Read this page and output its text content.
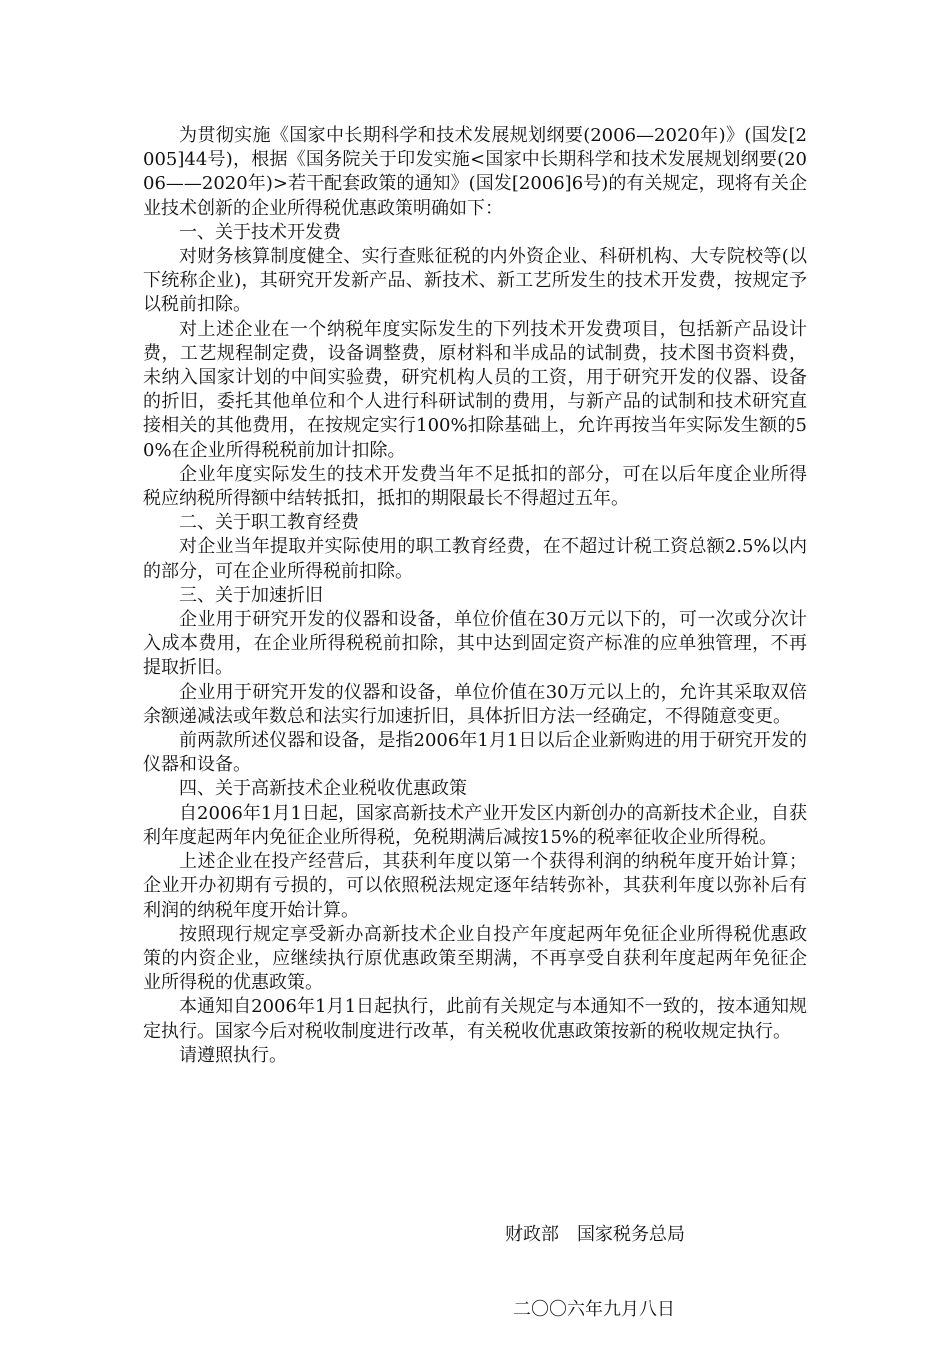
为贯彻实施《国家中长期科学和技术发展规划纲要(2006—2020年)》(国发[2005]44号)，根据《国务院关于印发实施<国家中长期科学和技术发展规划纲要(2006——2020年)>若干配套政策的通知》(国发[2006]6号)的有关规定，现将有关企业技术创新的企业所得税优惠政策明确如下：

一、关于技术开发费

对财务核算制度健全、实行查账征税的内外资企业、科研机构、大专院校等(以下统称企业)，其研究开发新产品、新技术、新工艺所发生的技术开发费，按规定予以税前扣除。

对上述企业在一个纳税年度实际发生的下列技术开发费项目，包括新产品设计费，工艺规程制定费，设备调整费，原材料和半成品的试制费，技术图书资料费，未纳入国家计划的中间实验费，研究机构人员的工资，用于研究开发的仪器、设备的折旧，委托其他单位和个人进行科研试制的费用，与新产品的试制和技术研究直接相关的其他费用，在按规定实行100%扣除基础上，允许再按当年实际发生额的50%在企业所得税税前加计扣除。

企业年度实际发生的技术开发费当年不足抵扣的部分，可在以后年度企业所得税应纳税所得额中结转抵扣，抵扣的期限最长不得超过五年。

二、关于职工教育经费

对企业当年提取并实际使用的职工教育经费，在不超过计税工资总额2.5%以内的部分，可在企业所得税前扣除。

三、关于加速折旧

企业用于研究开发的仪器和设备，单位价值在30万元以下的，可一次或分次计入成本费用，在企业所得税税前扣除，其中达到固定资产标准的应单独管理，不再提取折旧。

企业用于研究开发的仪器和设备，单位价值在30万元以上的，允许其采取双倍余额递减法或年数总和法实行加速折旧，具体折旧方法一经确定，不得随意变更。

前两款所述仪器和设备，是指2006年1月1日以后企业新购进的用于研究开发的仪器和设备。

四、关于高新技术企业税收优惠政策

自2006年1月1日起，国家高新技术产业开发区内新创办的高新技术企业，自获利年度起两年内免征企业所得税，免税期满后减按15%的税率征收企业所得税。

上述企业在投产经营后，其获利年度以第一个获得利润的纳税年度开始计算；企业开办初期有亏损的，可以依照税法规定逐年结转弥补，其获利年度以弥补后有利润的纳税年度开始计算。

按照现行规定享受新办高新技术企业自投产年度起两年免征企业所得税优惠政策的内资企业，应继续执行原优惠政策至期满，不再享受自获利年度起两年免征企业所得税的优惠政策。

本通知自2006年1月1日起执行，此前有关规定与本通知不一致的，按本通知规定执行。国家今后对税收制度进行改革，有关税收优惠政策按新的税收规定执行。

请遵照执行。

财政部　国家税务总局

二〇〇六年九月八日
